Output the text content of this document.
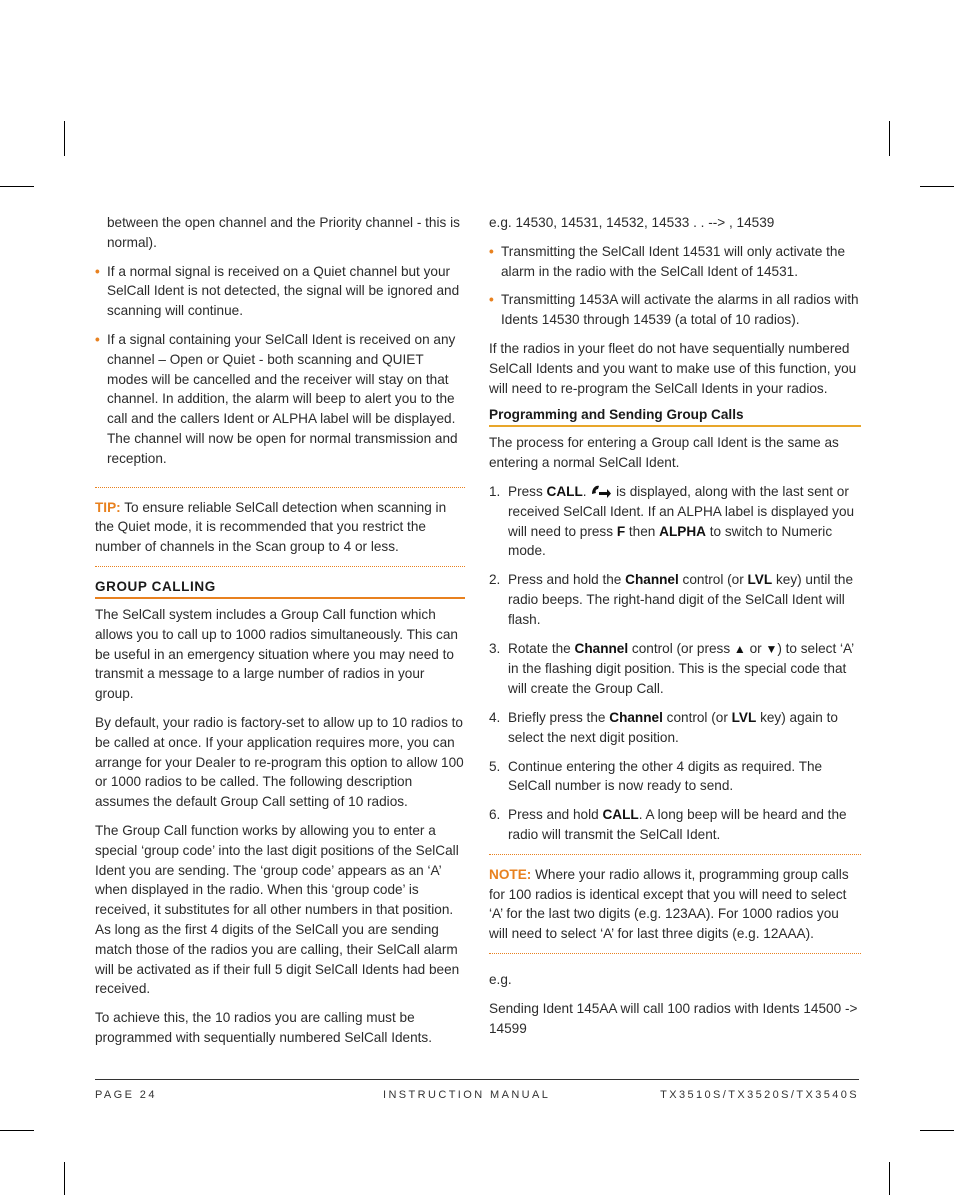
between the open channel and the Priority channel - this is normal).

• If a normal signal is received on a Quiet channel but your SelCall Ident is not detected, the signal will be ignored and scanning will continue.

• If a signal containing your SelCall Ident is received on any channel – Open or Quiet - both scanning and QUIET modes will be cancelled and the receiver will stay on that channel. In addition, the alarm will beep to alert you to the call and the callers Ident or ALPHA label will be displayed. The channel will now be open for normal transmission and reception.

TIP: To ensure reliable SelCall detection when scanning in the Quiet mode, it is recommended that you restrict the number of channels in the Scan group to 4 or less.

GROUP CALLING

The SelCall system includes a Group Call function which allows you to call up to 1000 radios simultaneously. This can be useful in an emergency situation where you may need to transmit a message to a large number of radios in your group.

By default, your radio is factory-set to allow up to 10 radios to be called at once. If your application requires more, you can arrange for your Dealer to re-program this option to allow 100 or 1000 radios to be called. The following description assumes the default Group Call setting of 10 radios.

The Group Call function works by allowing you to enter a special ‘group code’ into the last digit positions of the SelCall Ident you are sending. The ‘group code’ appears as an ‘A’ when displayed in the radio. When this ‘group code’ is received, it substitutes for all other numbers in that position. As long as the first 4 digits of the SelCall you are sending match those of the radios you are calling, their SelCall alarm will be activated as if their full 5 digit SelCall Idents had been received.

To achieve this, the 10 radios you are calling must be programmed with sequentially numbered SelCall Idents.

e.g. 14530, 14531, 14532, 14533 . . --> , 14539

• Transmitting the SelCall Ident 14531 will only activate the alarm in the radio with the SelCall Ident of 14531.

• Transmitting 1453A will activate the alarms in all radios with Idents 14530 through 14539 (a total of 10 radios).

If the radios in your fleet do not have sequentially numbered SelCall Idents and you want to make use of this function, you will need to re-program the SelCall Idents in your radios.

Programming and Sending Group Calls

The process for entering a Group call Ident is the same as entering a normal SelCall Ident.

1. Press CALL.  is displayed, along with the last sent or received SelCall Ident. If an ALPHA label is displayed you will need to press F then ALPHA to switch to Numeric mode.

2. Press and hold the Channel control (or LVL key) until the radio beeps. The right-hand digit of the SelCall Ident will flash.

3. Rotate the Channel control (or press ▲ or ▼) to select ‘A’ in the flashing digit position. This is the special code that will create the Group Call.

4. Briefly press the Channel control (or LVL key) again to select the next digit position.

5. Continue entering the other 4 digits as required. The SelCall number is now ready to send.

6. Press and hold CALL. A long beep will be heard and the radio will transmit the SelCall Ident.

NOTE: Where your radio allows it, programming group calls for 100 radios is identical except that you will need to select ‘A’ for the last two digits (e.g. 123AA). For 1000 radios you will need to select ‘A’ for last three digits (e.g. 12AAA).

e.g.

Sending Ident 145AA will call 100 radios with Idents 14500 -> 14599

PAGE 24	INSTRUCTION MANUAL	TX3510S/TX3520S/TX3540S
